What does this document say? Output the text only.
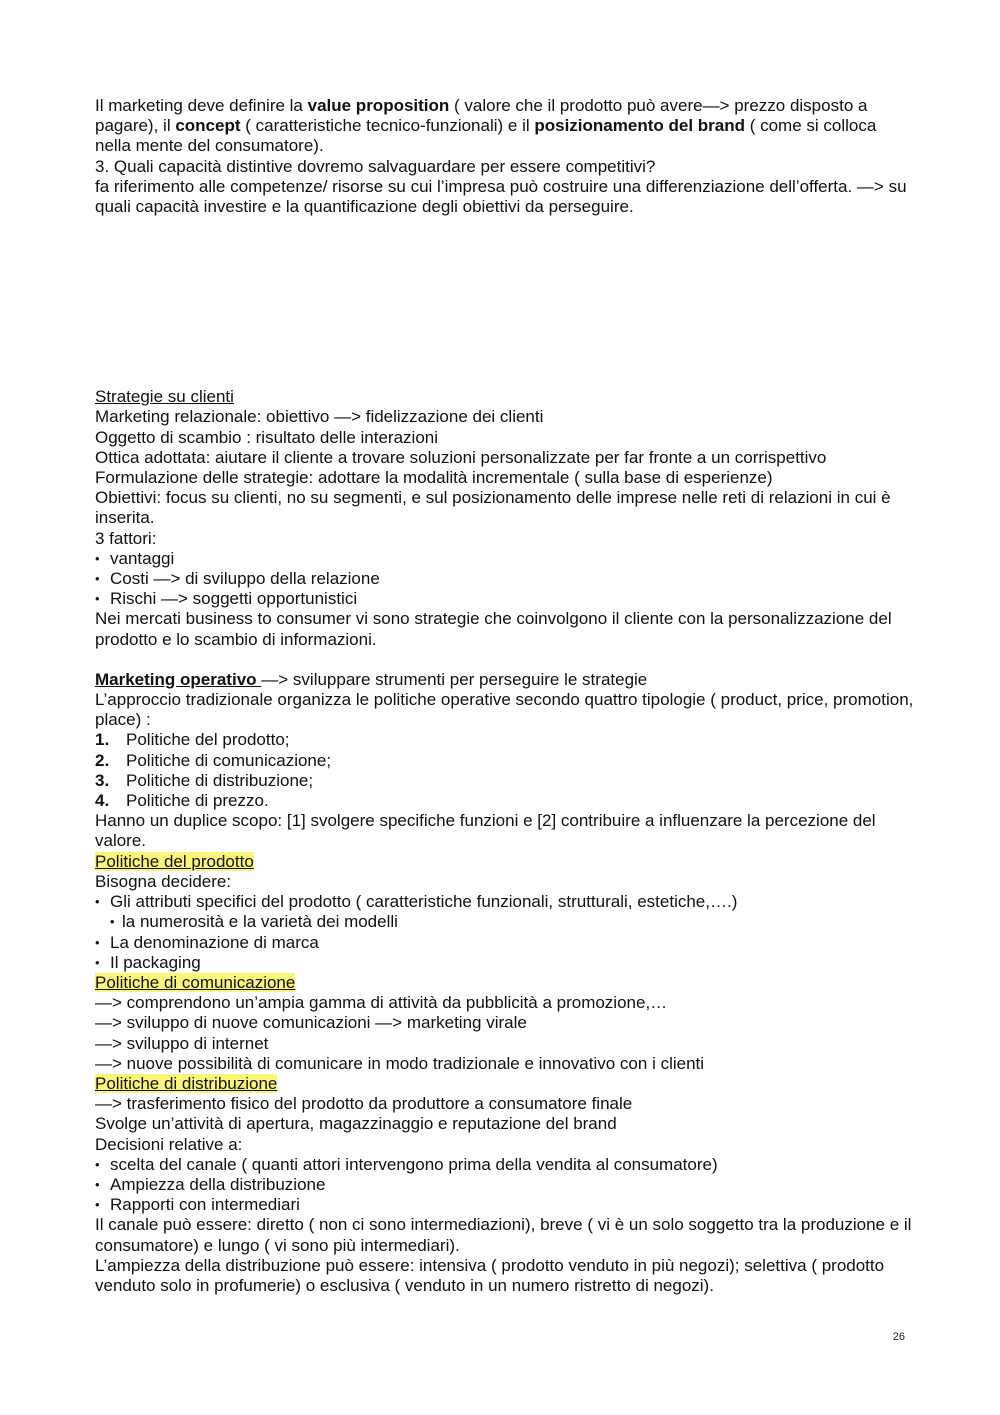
Il marketing deve definire la value proposition ( valore che il prodotto può avere—> prezzo disposto a pagare), il concept ( caratteristiche tecnico-funzionali) e il posizionamento del brand ( come si colloca nella mente del consumatore).

3. Quali capacità distintive dovremo salvaguardare per essere competitivi?

fa riferimento alle competenze/ risorse su cui l’impresa può costruire una differenziazione dell’offerta. —> su quali capacità investire e la quantificazione degli obiettivi da perseguire.

Strategie su clienti

Marketing relazionale: obiettivo —> fidelizzazione dei clienti

Oggetto di scambio : risultato delle interazioni

Ottica adottata: aiutare il cliente a trovare soluzioni personalizzate per far fronte a un corrispettivo

Formulazione delle strategie: adottare la modalità incrementale ( sulla base di esperienze)

Obiettivi: focus su clienti, no su segmenti, e sul posizionamento delle imprese nelle reti di relazioni in cui è inserita.

3 fattori:

• vantaggi

• Costi —> di sviluppo della relazione

• Rischi —> soggetti opportunistici

Nei mercati business to consumer vi sono strategie che coinvolgono il cliente con la personalizzazione del prodotto e lo scambio di informazioni.

Marketing operativo —> sviluppare strumenti per perseguire le strategie

L’approccio tradizionale organizza le politiche operative secondo quattro tipologie ( product, price, promotion, place) :

1. Politiche del prodotto;

2. Politiche di comunicazione;

3. Politiche di distribuzione;

4. Politiche di prezzo.

Hanno un duplice scopo: [1] svolgere specifiche funzioni e [2] contribuire a influenzare la percezione del valore.

Politiche del prodotto

Bisogna decidere:

• Gli attributi specifici del prodotto ( caratteristiche funzionali, strutturali, estetiche,….)

• la numerosità e la varietà dei modelli

• La denominazione di marca

• Il packaging

Politiche di comunicazione

—> comprendono un’ampia gamma di attività da pubblicità a promozione,…

—> sviluppo di nuove comunicazioni —> marketing virale

—> sviluppo di internet

—> nuove possibilità di comunicare in modo tradizionale e innovativo con i clienti

Politiche di distribuzione

—> trasferimento fisico del prodotto da produttore a consumatore finale

Svolge un’attività di apertura, magazzinaggio e reputazione del brand

Decisioni relative a:

• scelta del canale ( quanti attori intervengono prima della vendita al consumatore)

• Ampiezza della distribuzione

• Rapporti con intermediari

Il canale può essere: diretto ( non ci sono intermediazioni), breve ( vi è un solo soggetto tra la produzione e il consumatore) e lungo ( vi sono più intermediari).

L’ampiezza della distribuzione può essere: intensiva ( prodotto venduto in più negozi); selettiva ( prodotto venduto solo in profumerie) o esclusiva ( venduto in un numero ristretto di negozi).

26
